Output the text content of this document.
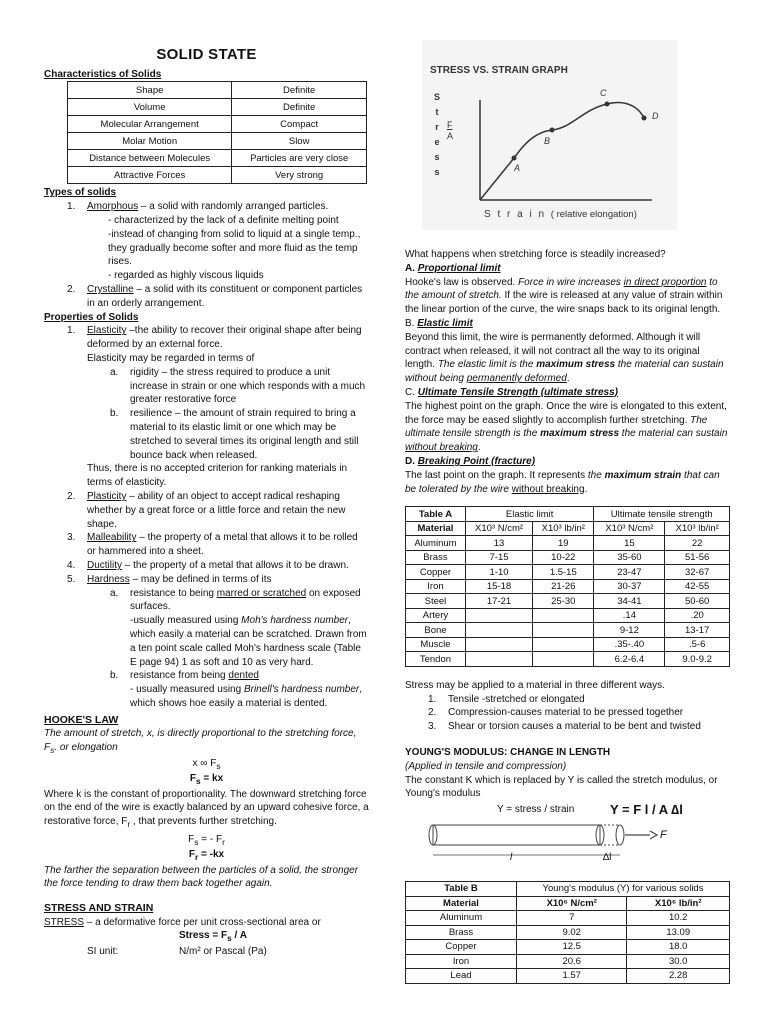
SOLID STATE
Characteristics of Solids
Shape	Definite
Volume	Definite
Molecular Arrangement	Compact
Molar Motion	Slow
Distance between Molecules	Particles are very close
Attractive Forces	Very strong
Types of solids
1. Amorphous – a solid with randomly arranged particles.
- characterized by the lack of a definite melting point
-instead of changing from solid to liquid at a single temp., they gradually become softer and more fluid as the temp rises.
- regarded as highly viscous liquids
2. Crystalline – a solid with its constituent or component particles in an orderly arrangement.
Properties of Solids
1. Elasticity –the ability to recover their original shape after being deformed by an external force.
Elasticity may be regarded in terms of
a. rigidity – the stress required to produce a unit increase in strain or one which responds with a much greater restorative force
b. resilience – the amount of strain required to bring a material to its elastic limit or one which may be stretched to several times its original length and still bounce back when released.
Thus, there is no accepted criterion for ranking materials in terms of elasticity.
2. Plasticity – ability of an object to accept radical reshaping whether by a great force or a little force and retain the new shape.
3. Malleability – the property of a metal that allows it to be rolled or hammered into a sheet.
4. Ductility – the property of a metal that allows it to be drawn.
5. Hardness – may be defined in terms of its
a. resistance to being marred or scratched on exposed surfaces.
-usually measured using Moh's hardness number, which easily a material can be scratched. Drawn from a ten point scale called Moh's hardness scale (Table E page 94) 1 as soft and 10 as very hard.
b. resistance from being dented
- usually measured using Brinell's hardness number, which shows hoe easily a material is dented.
HOOKE'S LAW
The amount of stretch, x, is directly proportional to the stretching force, $F_s$. or elongation
x ∞ $F_s$
$F_s$ = kx
Where k is the constant of proportionality. The downward stretching force on the end of the wire is exactly balanced by an upward cohesive force, a restorative force, $F_r$ , that prevents further stretching.
$F_s$ = - $F_r$
$F_r = -kx$
The farther the separation between the particles of a solid, the stronger the force tending to draw them back together again.
STRESS AND STRAIN
STRESS – a deformative force per unit cross-sectional area or
Stress = $F_s$ / A
SI unit:	N/m² or Pascal (Pa)
STRESS VS. STRAIN GRAPH
S
t
r
e
s
s
F
A
A
B
C
D
S t r a i n ( relative elongation)
What happens when stretching force is steadily increased?
A. Proportional limit
Hooke's law is observed. Force in wire increases in direct proportion to the amount of stretch. If the wire is released at any value of strain within the linear portion of the curve, the wire snaps back to its original length.
B. Elastic limit
Beyond this limit, the wire is permanently deformed. Although it will contract when released, it will not contract all the way to its original length. The elastic limit is the maximum stress the material can sustain without being permanently deformed.
C. Ultimate Tensile Strength (ultimate stress)
The highest point on the graph. Once the wire is elongated to this extent, the force may be eased slightly to accomplish further stretching. The ultimate tensile strength is the maximum stress the material can sustain without breaking.
D. Breaking Point (fracture)
The last point on the graph. It represents the maximum strain that can be tolerated by the wire without breaking.
Table A	Elastic limit		Ultimate tensile strength	
Material	X10³ N/cm²	X10³ lb/in²	X10³ N/cm²	X10³ lb/in²
Aluminum	13	19	15	22
Brass	7-15	10-22	35-60	51-56
Copper	1-10	1.5-15	23-47	32-67
Iron	15-18	21-26	30-37	42-55
Steel	17-21	25-30	34-41	50-60
Artery			.14	.20
Bone			9-12	13-17
Muscle			.35-.40	.5-6
Tendon			6.2-6.4	9.0-9.2
Stress may be applied to a material in three different ways.
1. Tensile -stretched or elongated
2. Compression-causes material to be pressed together
3. Shear or torsion causes a material to be bent and twisted
YOUNG'S MODULUS: CHANGE IN LENGTH
(Applied in tensile and compression)
The constant K which is replaced by Y is called the stretch modulus, or Young's modulus
Y = stress / strain	Y = F l / A ∆l
F
l	∆l
Table B	Young's modulus (Y) for various solids	
Material	X10⁶ N/cm²	X10⁶ lb/in²
Aluminum	7	10.2
Brass	9.02	13.09
Copper	12.5	18.0
Iron	20.6	30.0
Lead	1.57	2.28
